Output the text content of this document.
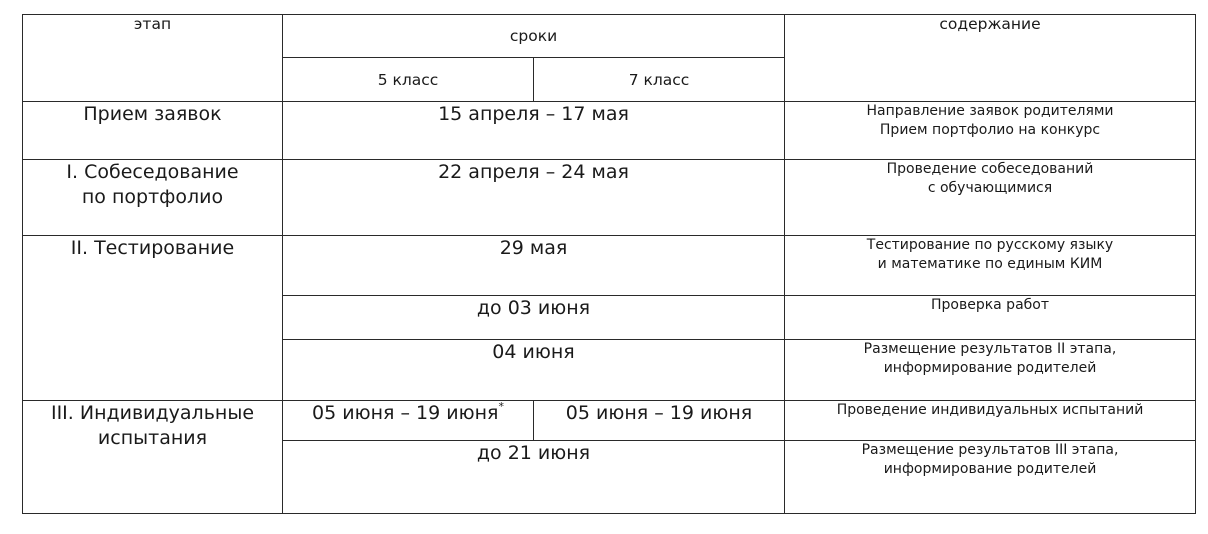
этап	сроки		содержание
	5 класс	7 класс	

Прием заявок	15 апреля – 17 мая		Направление заявок родителями
Прием портфолио на конкурс

I. Собеседование
по портфолио	22 апреля – 24 мая		Проведение собеседований
с обучающимися

II. Тестирование	29 мая		Тестирование по русскому языку
и математике по единым КИМ

	до 03 июня		Проверка работ

	04 июня		Размещение результатов II этапа,
информирование родителей

III. Индивидуальные
испытания	05 июня – 19 июня*	05 июня – 19 июня	Проведение индивидуальных испытаний

	до 21 июня		Размещение результатов III этапа,
информирование родителей
